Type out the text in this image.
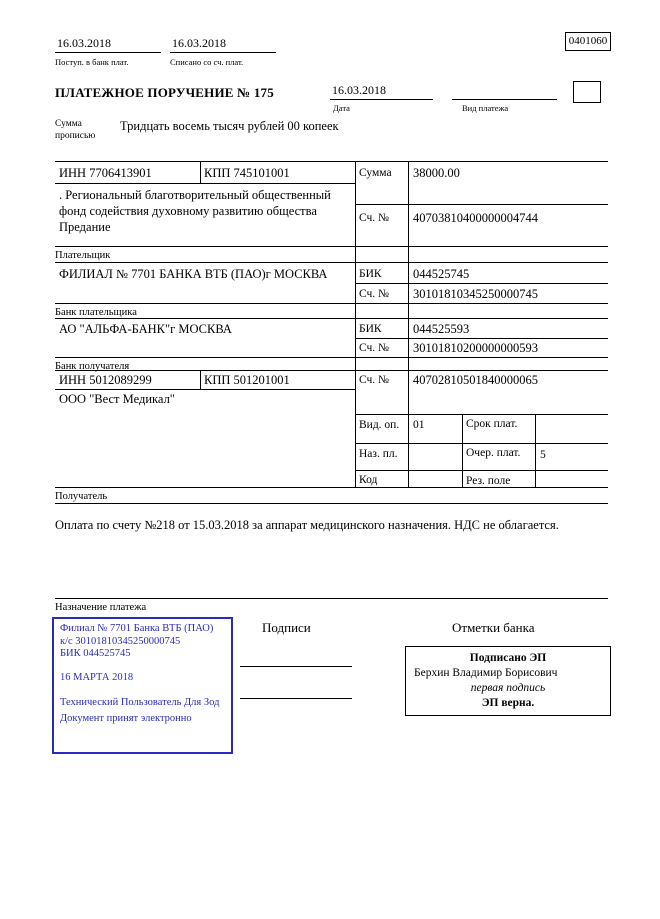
16.03.2018
Поступ. в банк плат.
16.03.2018
Списано со сч. плат.
0401060
ПЛАТЕЖНОЕ ПОРУЧЕНИЕ № 175	16.03.2018
Дата	Вид платежа
Сумма
прописью
Тридцать восемь тысяч рублей 00 копеек
ИНН 7706413901	КПП 745101001	Сумма 38000.00
. Региональный благотворительный общественный фонд содействия духовному развитию общества Предание
Сч. № 40703810400000004744
Плательщик
ФИЛИАЛ № 7701 БАНКА ВТБ (ПАО)г МОСКВА	БИК	044525745
Сч. № 30101810345250000745
Банк плательщика
АО "АЛЬФА-БАНК"г МОСКВА	БИК	044525593
Сч. № 30101810200000000593
Банк получателя
ИНН 5012089299	КПП 501201001	Сч. № 40702810501840000065
ООО "Вест Медикал"
Получатель
Вид. оп. 01	Срок плат.
Наз. пл.	Очер. плат. 5
Код	Рез. поле
Оплата по счету №218 от 15.03.2018 за аппарат медицинского назначения. НДС не облагается.
Назначение платежа
Филиал № 7701 Банка ВТБ (ПАО)
к/с 30101810345250000745
БИК 044525745
16 МАРТА 2018
Технический Пользователь Для Зод
Документ принят электронно
Подписи	Отметки банка
Подписано ЭП
Берхин Владимир Борисович
первая подпись
ЭП верна.
